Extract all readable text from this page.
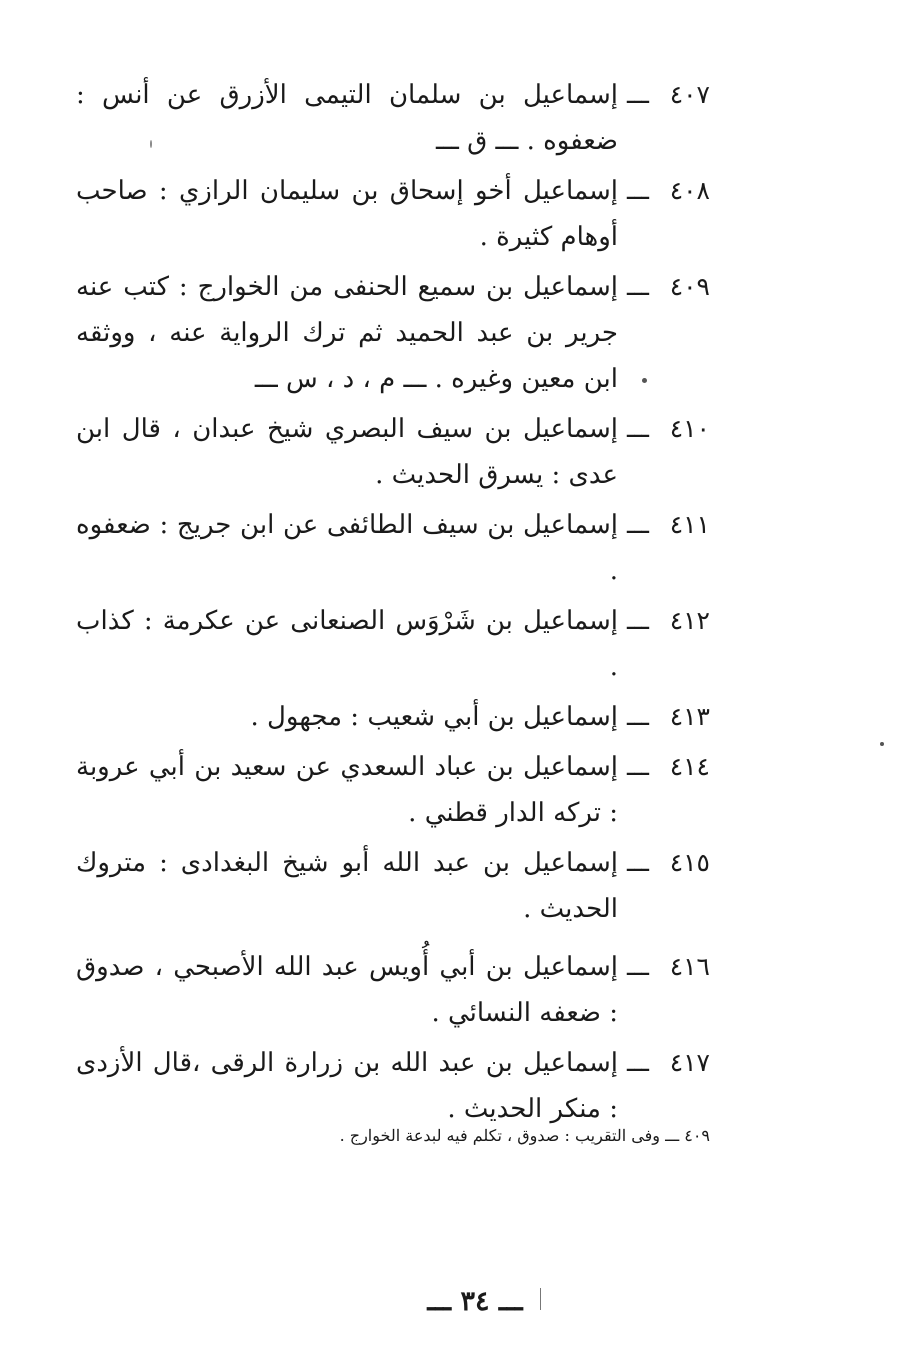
٤٠٧
ـــ
إسماعيل بن سلمان التيمى الأزرق عن أنس : ضعفوه . ـــ ق ـــ
٤٠٨
ـــ
إسماعيل أخو إسحاق بن سليمان الرازي : صاحب أوهام كثيرة .
٤٠٩
ـــ
إسماعيل بن سميع الحنفى من الخوارج : كتب عنه جرير بن عبد الحميد ثم ترك الرواية عنه ، ووثقه ابن معين وغيره . ـــ م ، د ، س ـــ
٤١٠
ـــ
إسماعيل بن سيف البصري شيخ عبدان ، قال ابن عدى : يسرق الحديث .
٤١١
ـــ
إسماعيل بن سيف الطائفى عن ابن جريج : ضعفوه .
٤١٢
ـــ
إسماعيل بن شَرْوَس الصنعانى عن عكرمة : كذاب .
٤١٣
ـــ
إسماعيل بن أبي شعيب : مجهول .
٤١٤
ـــ
إسماعيل بن عباد السعدي عن سعيد بن أبي عروبة : تركه الدار قطني .
٤١٥
ـــ
إسماعيل بن عبد الله أبو شيخ البغدادى : متروك الحديث .
٤١٦
ـــ
إسماعيل بن أبي أُويس عبد الله الأصبحي ، صدوق : ضعفه النسائي .
٤١٧
ـــ
إسماعيل بن عبد الله بن زرارة الرقى ،قال الأزدى : منكر الحديث .
٤٠٩ ـــ وفى التقريب : صدوق ، تكلم فيه لبدعة الخوارج .
ـــ ٣٤ ـــ
